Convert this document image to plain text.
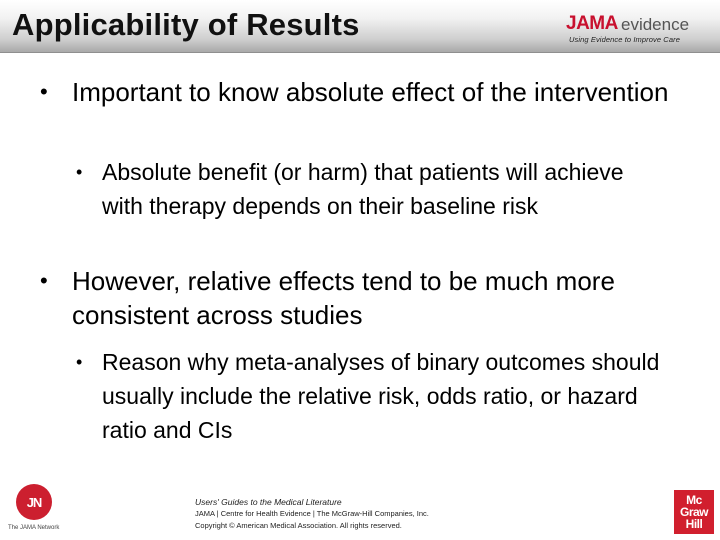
Applicability of Results	JAMA evidence
Using Evidence to Improve Care
• Important to know absolute effect of the intervention
• Absolute benefit (or harm) that patients will achieve with therapy depends on their baseline risk
• However, relative effects tend to be much more consistent across studies
• Reason why meta-analyses of binary outcomes should usually include the relative risk, odds ratio, or hazard ratio and CIs
JN
The JAMA Network
Users' Guides to the Medical Literature
JAMA | Centre for Health Evidence | The McGraw-Hill Companies, Inc.
Copyright © American Medical Association. All rights reserved.
Mc
Graw
Hill
